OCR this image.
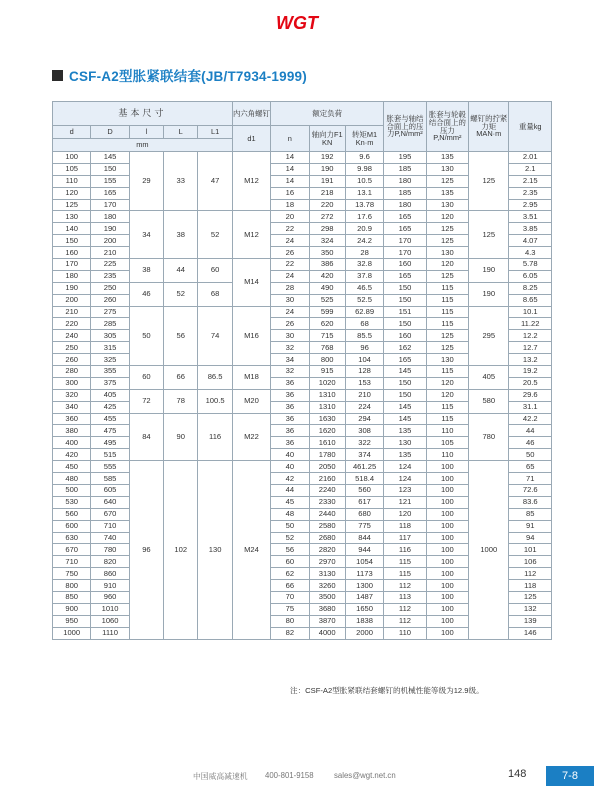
WGT
CSF-A2型胀紧联结套(JB/T7934-1999)
基本尺寸					内六角螺钉	额定负荷			胀套与轴结合面上的压力P,N/mm²	胀套与轮毂结合面上的压力P,N/mm²	螺钉的拧紧力矩MAN·m	重量kg
d	D	l	L	L1	d1	n	轴向力F1 KN	转矩M1 Kn·m				
mm												
100	145	29	33	47	M12	14	192	9.6	195	135	125	2.01
105	150					14	190	9.98	185	130		2.1
110	155					14	191	10.5	180	125		2.15
120	165					16	218	13.1	185	135		2.35
125	170					18	220	13.78	180	130		2.95
130	180	34	38	52	M12	20	272	17.6	165	120	125	3.51
140	190					22	298	20.9	165	125		3.85
150	200					24	324	24.2	170	125		4.07
160	210					26	350	28	170	130		4.3
170	225	38	44	60	M14	22	386	32.8	160	120	190	5.78
180	235					24	420	37.8	165	125		6.05
190	250	46	52	68		28	490	46.5	150	115	190	8.25
200	260					30	525	52.5	150	115		8.65
210	275	50	56	74	M16	24	599	62.89	151	115	295	10.1
220	285					26	620	68	150	115		11.22
240	305					30	715	85.5	160	125		12.2
250	315					32	768	96	162	125		12.7
260	325					34	800	104	165	130		13.2
280	355	60	66	86.5	M18	32	915	128	145	115	405	19.2
300	375					36	1020	153	150	120		20.5
320	405	72	78	100.5	M20	36	1310	210	150	120	580	29.6
340	425					36	1310	224	145	115		31.1
360	455	84	90	116	M22	36	1630	294	145	115	780	42.2
380	475					36	1620	308	135	110		44
400	495					36	1610	322	130	105		46
420	515					40	1780	374	135	110		50
450	555	96	102	130	M24	40	2050	461.25	124	100	1000	65
480	585					42	2160	518.4	124	100		71
500	605					44	2240	560	123	100		72.6
530	640					45	2330	617	121	100		83.6
560	670					48	2440	680	120	100		85
600	710					50	2580	775	118	100		91
630	740					52	2680	844	117	100		94
670	780					56	2820	944	116	100		101
710	820					60	2970	1054	115	100		106
750	860					62	3130	1173	115	100		112
800	910					66	3260	1300	112	100		118
850	960					70	3500	1487	113	100		125
900	1010					75	3680	1650	112	100		132
950	1060					80	3870	1838	112	100		139
1000	1110					82	4000	2000	110	100		146
注：CSF-A2型胀紧联结套螺钉的机械性能等级为12.9级。
中国威高减速机 400-801-9158	sales@wgt.net.cn	148	7-8
